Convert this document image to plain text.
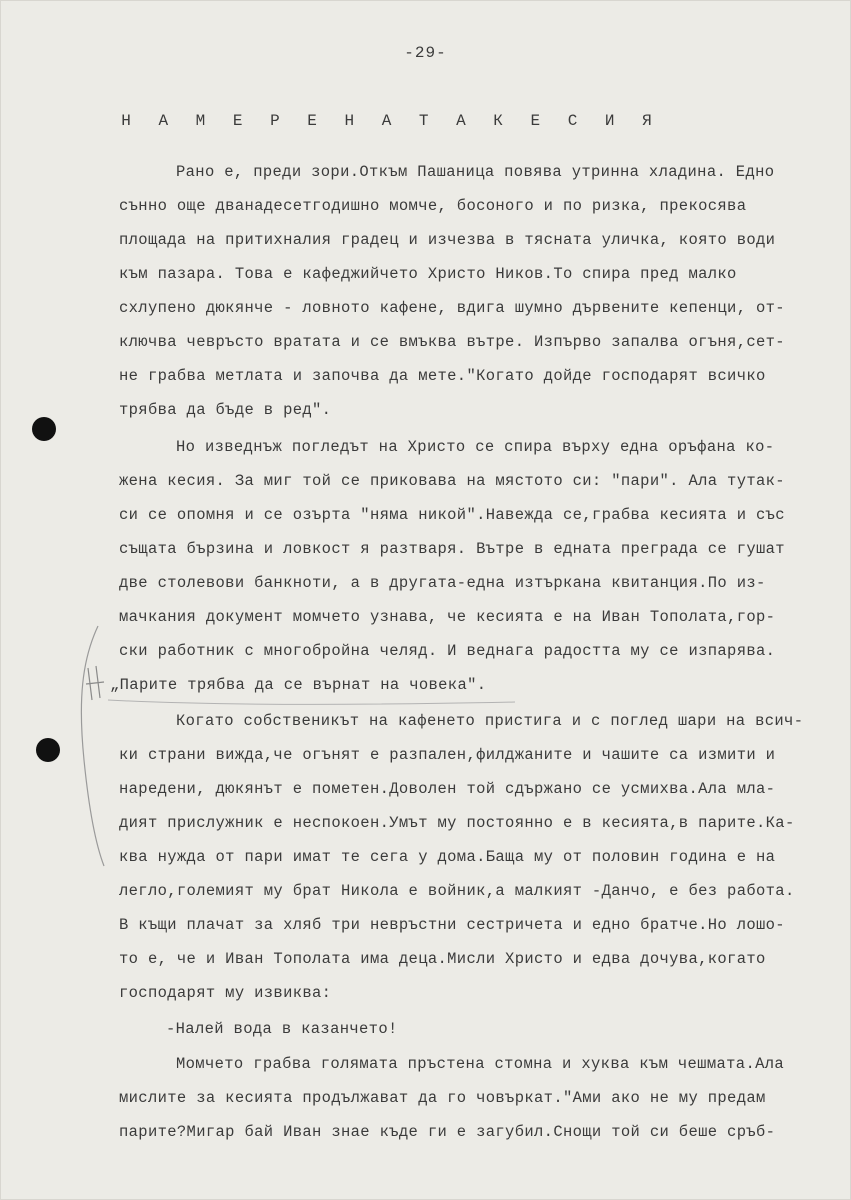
-29-
Н А М Е Р Е Н А Т А К Е С И Я
Рано е, преди зори.Откъм Пашаница повява утринна хладина. Едно
сънно още дванадесетгодишно момче, босоного и по ризка, прекосява
площада на притихналия градец и изчезва в тясната уличка, която води
към пазара. Това е кафеджийчето Христо Ников.То спира пред малко
схлупено дюкянче - ловното кафене, вдига шумно дървените кепенци, от-
ключва чевръсто вратата и се вмъква вътре. Изпърво запалва огъня,сет-
не грабва метлата и започва да мете."Когато дойде господарят всичко
трябва да бъде в ред".
Но изведнъж погледът на Христо се спира върху една оръфана ко-
жена кесия. За миг той се приковава на мястото си: "пари". Ала тутак-
си се опомня и се озърта "няма никой".Навежда се,грабва кесията и със
същата бързина и ловкост я разтваря. Вътре в едната преграда се гушат
две столевови банкноти, а в другата-една изтъркана квитанция.По из-
мачкания документ момчето узнава, че кесията е на Иван Тополата,гор-
ски работник с многобройна челяд. И веднага радостта му се изпарява.
„Парите трябва да се върнат на човека".
Когато собственикът на кафенето пристига и с поглед шари на всич-
ки страни вижда,че огънят е разпален,филджаните и чашите са измити и
наредени, дюкянът е пометен.Доволен той сдържано се усмихва.Ала мла-
дият прислужник е неспокоен.Умът му постоянно е в кесията,в парите.Ка-
ква нужда от пари имат те сега у дома.Баща му от половин година е на
легло,големият му брат Никола е войник,а малкият -Данчо, е без работа.
В къщи плачат за хляб три невръстни сестричета и едно братче.Но лошо-
то е, че и Иван Тополата има деца.Мисли Христо и едва дочува,когато
господарят му извиква:
-Налей вода в казанчето!
Момчето грабва голямата пръстена стомна и хуква към чешмата.Ала
мислите за кесията продължават да го човъркат."Ами ако не му предам
парите?Мигар бай Иван знае къде ги е загубил.Снощи той си беше сръб-
